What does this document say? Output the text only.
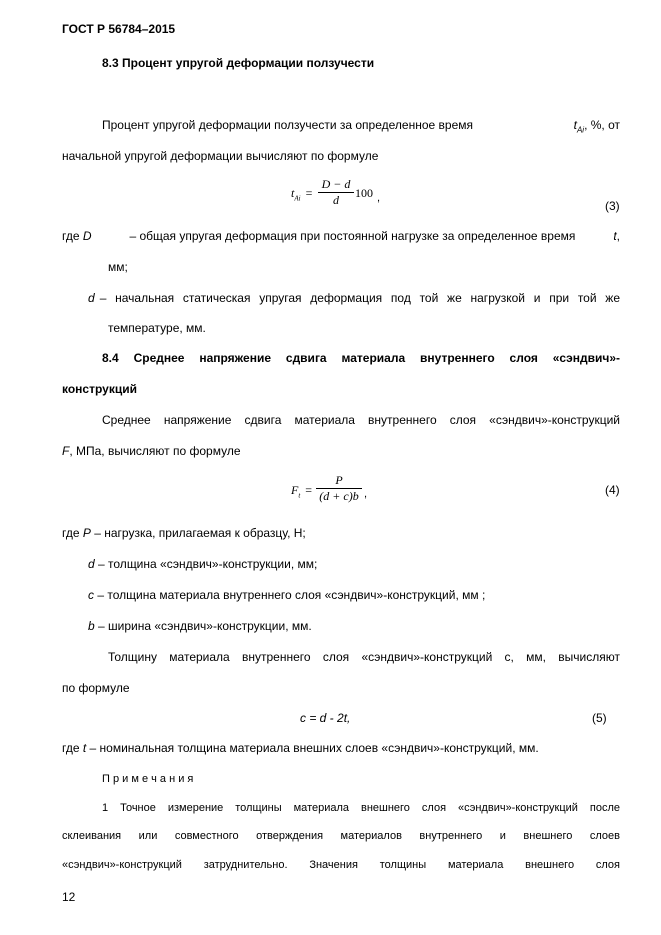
ГОСТ Р 56784–2015
8.3 Процент упругой деформации ползучести
Процент упругой деформации ползучести за определенное время	$t_{Ai}$, %, от
начальной упругой деформации вычисляют по формуле
$t_{Ai}$ =
D − d
d	100 ,
(3)
где D	– общая упругая деформация при постоянной нагрузке за определенное время	t,
мм;
d – начальная статическая упругая деформация под той же нагрузкой и при той же
температуре, мм.
8.4 Среднее напряжение сдвига материала внутреннего слоя «сэндвич»-
конструкций
Среднее напряжение сдвига материала внутреннего слоя «сэндвич»-конструкций
F, МПа, вычисляют по формуле
$F_t$ =
P
(d + c)b ,	(4)
где P – нагрузка, прилагаемая к образцу, Н;
d – толщина «сэндвич»-конструкции, мм;
c – толщина материала внутреннего слоя «сэндвич»-конструкций, мм ;
b – ширина «сэндвич»-конструкции, мм.
Толщину материала внутреннего слоя «сэндвич»-конструкций с, мм, вычисляют
по формуле
c = d - 2t,	(5)
где t – номинальная толщина материала внешних слоев «сэндвич»-конструкций, мм.
П р и м е ч а н и я
1 Точное измерение толщины материала внешнего слоя «сэндвич»-конструкций после
склеивания или совместного отверждения материалов внутреннего и внешнего слоев
«сэндвич»-конструкций затруднительно. Значения толщины материала внешнего слоя
12
